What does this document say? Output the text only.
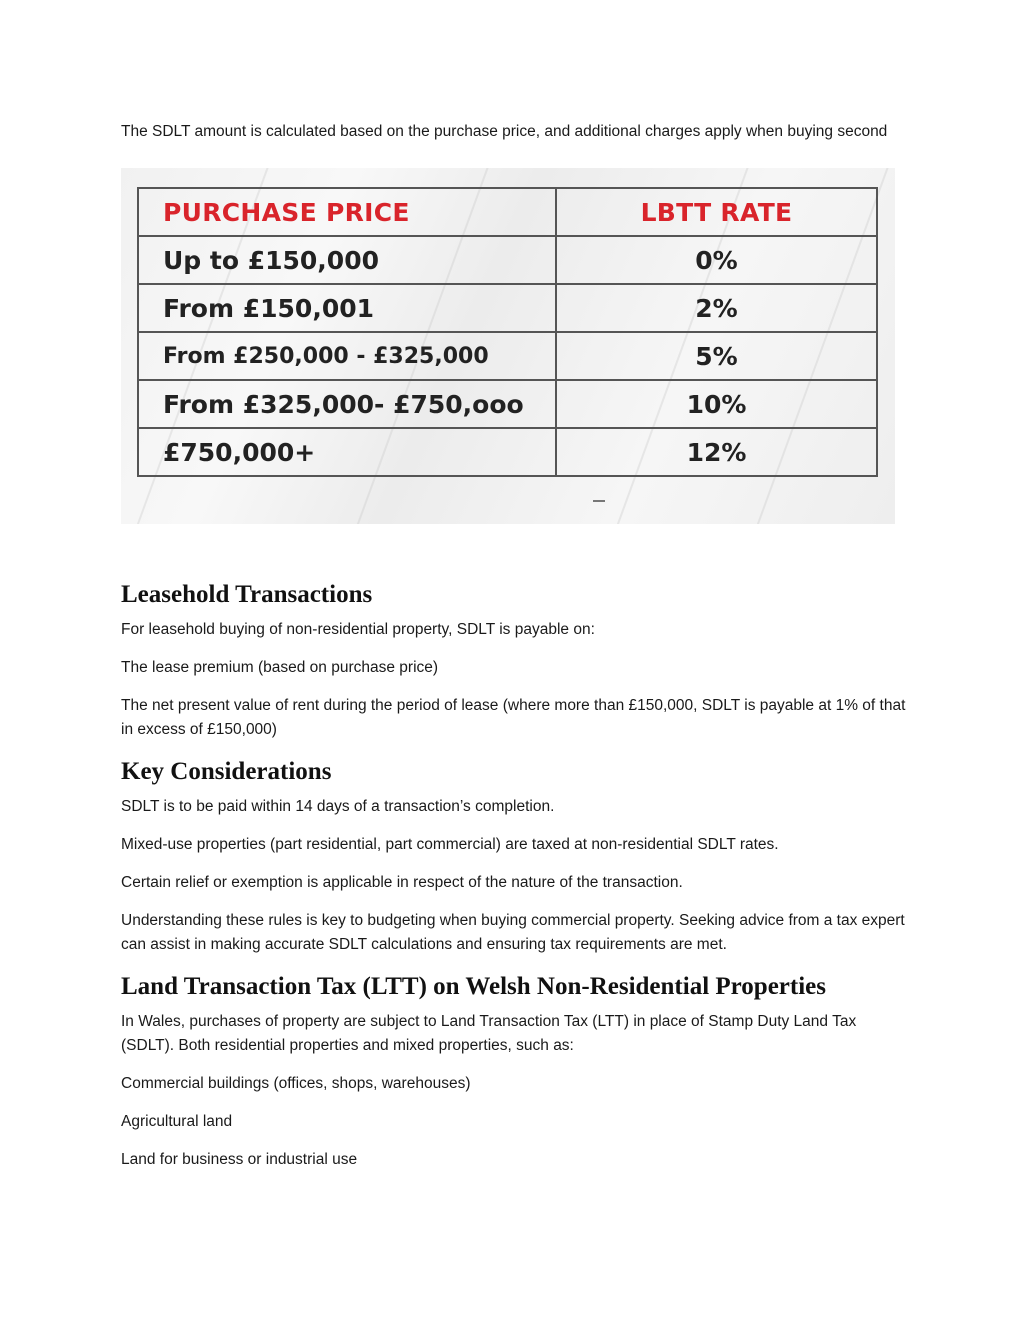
The SDLT amount is calculated based on the purchase price, and additional charges apply when buying second

PURCHASE PRICE	LBTT RATE
Up to £150,000	0%
From £150,001	2%
From £250,000 - £325,000	5%
From £325,000- £750,ooo	10%
£750,000+	12%
Leasehold Transactions

For leasehold buying of non-residential property, SDLT is payable on:

The lease premium (based on purchase price)

The net present value of rent during the period of lease (where more than £150,000, SDLT is payable at 1% of that in excess of £150,000)

Key Considerations

SDLT is to be paid within 14 days of a transaction’s completion.

Mixed-use properties (part residential, part commercial) are taxed at non-residential SDLT rates.

Certain relief or exemption is applicable in respect of the nature of the transaction.

Understanding these rules is key to budgeting when buying commercial property. Seeking advice from a tax expert can assist in making accurate SDLT calculations and ensuring tax requirements are met.

Land Transaction Tax (LTT) on Welsh Non-Residential Properties

In Wales, purchases of property are subject to Land Transaction Tax (LTT) in place of Stamp Duty Land Tax (SDLT). Both residential properties and mixed properties, such as:

Commercial buildings (offices, shops, warehouses)

Agricultural land

Land for business or industrial use
